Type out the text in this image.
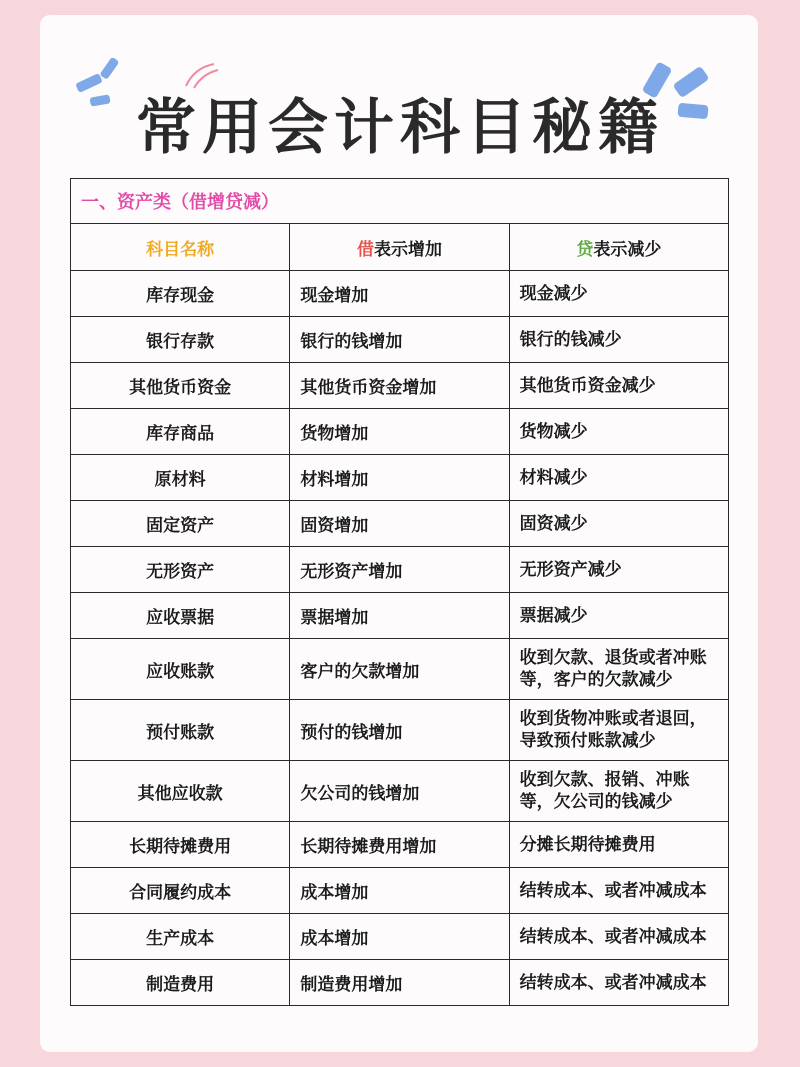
常用会计科目秘籍
一、资产类（借增贷减）		
科目名称	借表示增加	贷表示减少
库存现金	现金增加	现金减少
银行存款	银行的钱增加	银行的钱减少
其他货币资金	其他货币资金增加	其他货币资金减少
库存商品	货物增加	货物减少
原材料	材料增加	材料减少
固定资产	固资增加	固资减少
无形资产	无形资产增加	无形资产减少
应收票据	票据增加	票据减少
应收账款	客户的欠款增加	收到欠款、退货或者冲账等，客户的欠款减少
预付账款	预付的钱增加	收到货物冲账或者退回，导致预付账款减少
其他应收款	欠公司的钱增加	收到欠款、报销、冲账等，欠公司的钱减少
长期待摊费用	长期待摊费用增加	分摊长期待摊费用
合同履约成本	成本增加	结转成本、或者冲减成本
生产成本	成本增加	结转成本、或者冲减成本
制造费用	制造费用增加	结转成本、或者冲减成本
